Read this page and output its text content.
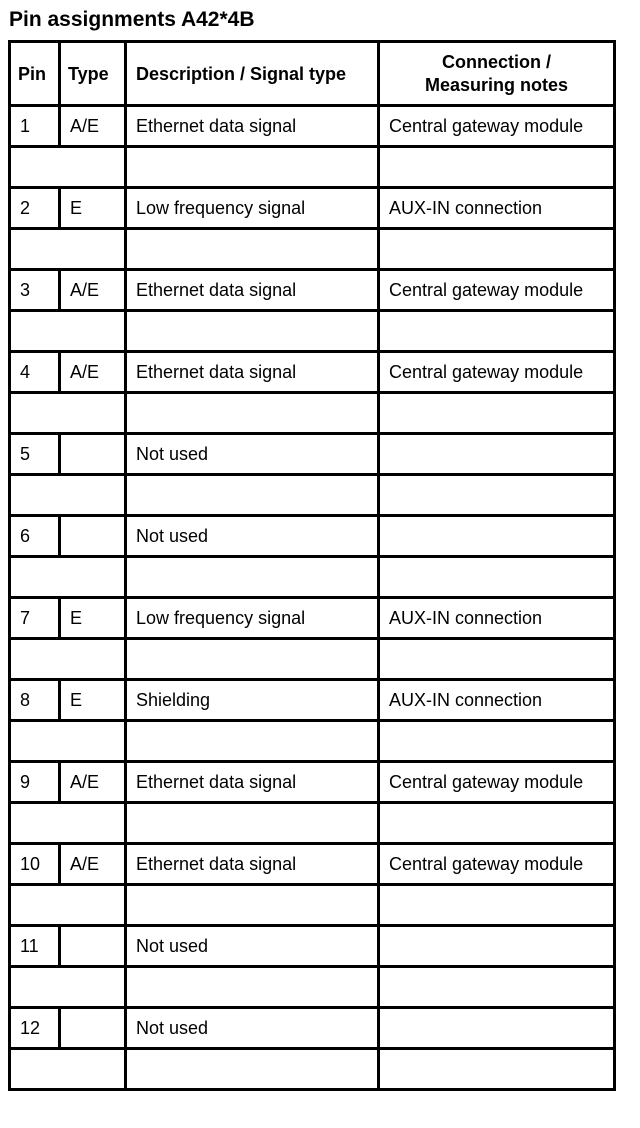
Pin assignments A42*4B
Pin	Type	Description / Signal type	Connection /
Measuring notes
1	A/E	Ethernet data signal	Central gateway module

2	E	Low frequency signal	AUX-IN connection

3	A/E	Ethernet data signal	Central gateway module

4	A/E	Ethernet data signal	Central gateway module

5		Not used	

6		Not used	

7	E	Low frequency signal	AUX-IN connection

8	E	Shielding	AUX-IN connection

9	A/E	Ethernet data signal	Central gateway module

10	A/E	Ethernet data signal	Central gateway module

11		Not used	

12		Not used	
